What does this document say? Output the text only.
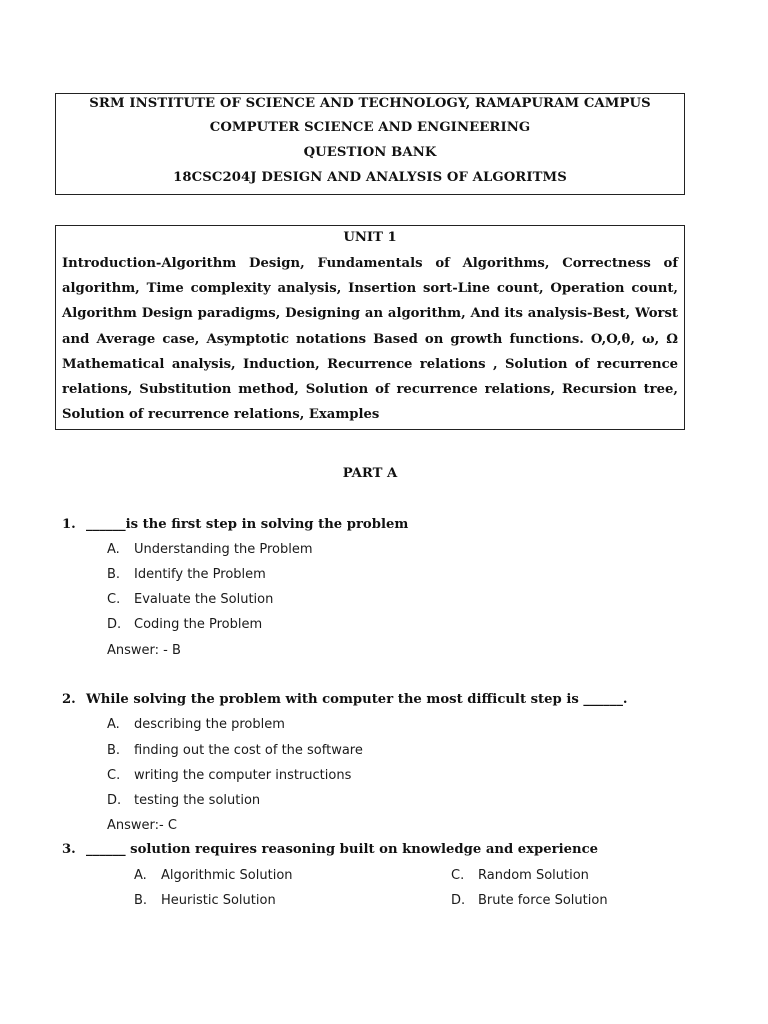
SRM INSTITUTE OF SCIENCE AND TECHNOLOGY, RAMAPURAM CAMPUS
COMPUTER SCIENCE AND ENGINEERING
QUESTION BANK
18CSC204J DESIGN AND ANALYSIS OF ALGORITMS
UNIT 1

Introduction-Algorithm Design, Fundamentals of Algorithms, Correctness of algorithm, Time complexity analysis, Insertion sort-Line count, Operation count, Algorithm Design paradigms, Designing an algorithm, And its analysis-Best, Worst and Average case, Asymptotic notations Based on growth functions. O,O,θ, ω, Ω Mathematical analysis, Induction, Recurrence relations , Solution of recurrence relations, Substitution method, Solution of recurrence relations, Recursion tree, Solution of recurrence relations, Examples

PART A
1. ______is the first step in solving the problem
A. Understanding the Problem
B. Identify the Problem
C. Evaluate the Solution
D. Coding the Problem
Answer: - B
2. While solving the problem with computer the most difficult step is ______.
A. describing the problem
B. finding out the cost of the software
C. writing the computer instructions
D. testing the solution
Answer:- C
3. ______ solution requires reasoning built on knowledge and experience
A. Algorithmic Solution	C. Random Solution
B. Heuristic Solution	D. Brute force Solution
